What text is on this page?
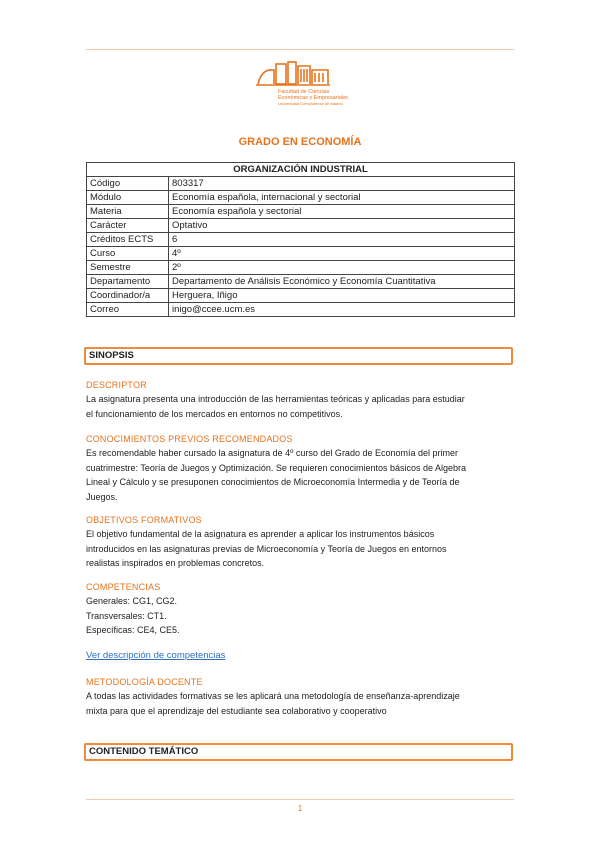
Facultad de Ciencias
Económicas y Empresariales
Universidad Complutense de Madrid
GRADO EN ECONOMÍA
ORGANIZACIÓN INDUSTRIAL	
Código	803317
Módulo	Economía española, internacional y sectorial
Materia	Economía española y sectorial
Carácter	Optativo
Créditos ECTS	6
Curso	4º
Semestre	2º
Departamento	Departamento de Análisis Económico y Economía Cuantitativa
Coordinador/a	Herguera, Iñigo
Correo	inigo@ccee.ucm.es
SINOPSIS
DESCRIPTOR
La asignatura presenta una introducción de las herramientas teóricas y aplicadas para estudiar
el funcionamiento de los mercados en entornos no competitivos.
CONOCIMIENTOS PREVIOS RECOMENDADOS
Es recomendable haber cursado la asignatura de 4º curso del Grado de Economía del primer
cuatrimestre: Teoría de Juegos y Optimización. Se requieren conocimientos básicos de Algebra
Lineal y Cálculo y se presuponen conocimientos de Microeconomía Intermedia y de Teoría de
Juegos.
OBJETIVOS FORMATIVOS
El objetivo fundamental de la asignatura es aprender a aplicar los instrumentos básicos
introducidos en las asignaturas previas de Microeconomía y Teoría de Juegos en entornos
realistas inspirados en problemas concretos.
COMPETENCIAS
Generales: CG1, CG2.
Transversales: CT1.
Específicas: CE4, CE5.
Ver descripción de competencias
METODOLOGÍA DOCENTE
A todas las actividades formativas se les aplicará una metodología de enseñanza-aprendizaje
mixta para que el aprendizaje del estudiante sea colaborativo y cooperativo
CONTENIDO TEMÁTICO
1
